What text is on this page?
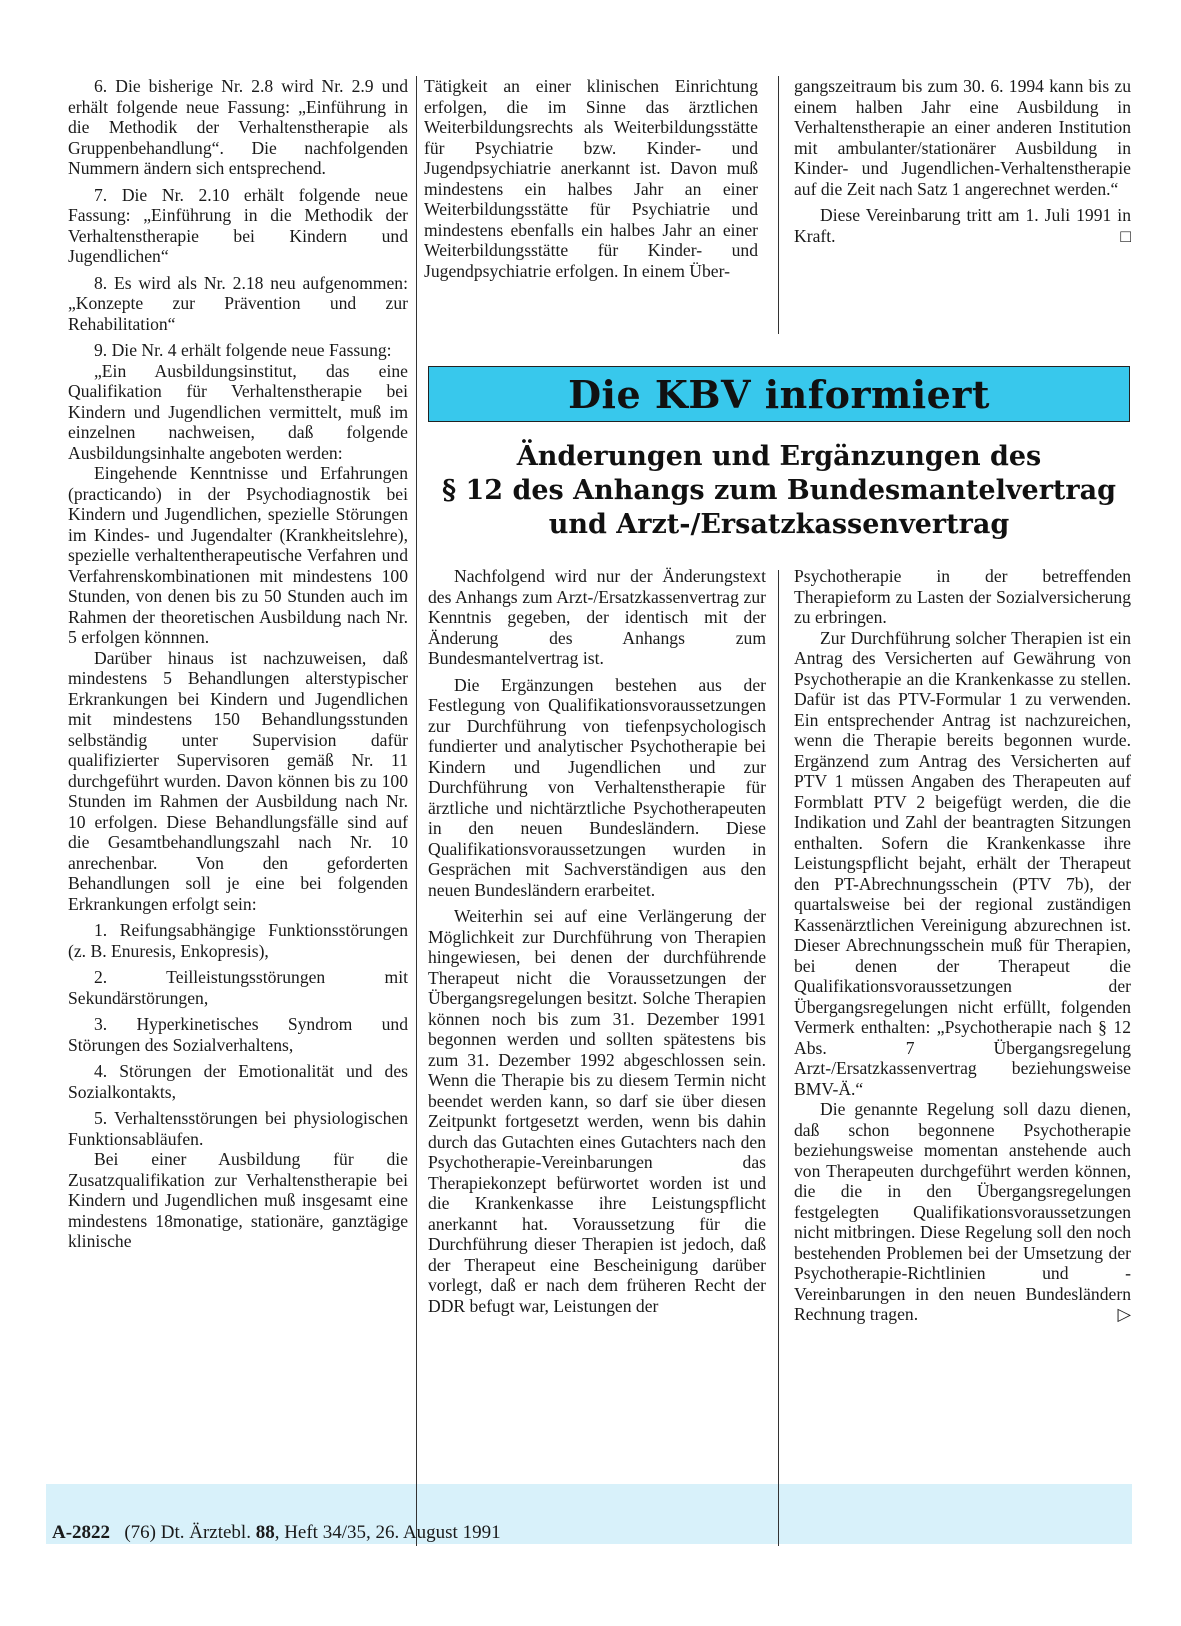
6. Die bisherige Nr. 2.8 wird Nr. 2.9 und erhält folgende neue Fassung: „Einführung in die Methodik der Verhaltenstherapie als Gruppenbehandlung“. Die nachfolgenden Nummern ändern sich entsprechend.

7. Die Nr. 2.10 erhält folgende neue Fassung: „Einführung in die Methodik der Verhaltenstherapie bei Kindern und Jugendlichen“

8. Es wird als Nr. 2.18 neu aufgenommen: „Konzepte zur Prävention und zur Rehabilitation“

9. Die Nr. 4 erhält folgende neue Fassung:

„Ein Ausbildungsinstitut, das eine Qualifikation für Verhaltenstherapie bei Kindern und Jugendlichen vermittelt, muß im einzelnen nachweisen, daß folgende Ausbildungsinhalte angeboten werden:

Eingehende Kenntnisse und Erfahrungen (practicando) in der Psychodiagnostik bei Kindern und Jugendlichen, spezielle Störungen im Kindes- und Jugendalter (Krankheitslehre), spezielle verhaltentherapeutische Verfahren und Verfahrenskombinationen mit mindestens 100 Stunden, von denen bis zu 50 Stunden auch im Rahmen der theoretischen Ausbildung nach Nr. 5 erfolgen könnnen.

Darüber hinaus ist nachzuweisen, daß mindestens 5 Behandlungen alterstypischer Erkrankungen bei Kindern und Jugendlichen mit mindestens 150 Behandlungsstunden selbständig unter Supervision dafür qualifizierter Supervisoren gemäß Nr. 11 durchgeführt wurden. Davon können bis zu 100 Stunden im Rahmen der Ausbildung nach Nr. 10 erfolgen. Diese Behandlungsfälle sind auf die Gesamtbehandlungszahl nach Nr. 10 anrechenbar. Von den geforderten Behandlungen soll je eine bei folgenden Erkrankungen erfolgt sein:

1. Reifungsabhängige Funktionsstörungen (z. B. Enuresis, Enkopresis),

2. Teilleistungsstörungen mit Sekundärstörungen,

3. Hyperkinetisches Syndrom und Störungen des Sozialverhaltens,

4. Störungen der Emotionalität und des Sozialkontakts,

5. Verhaltensstörungen bei physiologischen Funktionsabläufen.

Bei einer Ausbildung für die Zusatzqualifikation zur Verhaltenstherapie bei Kindern und Jugendlichen muß insgesamt eine mindestens 18monatige, stationäre, ganztägige klinische

Tätigkeit an einer klinischen Einrichtung erfolgen, die im Sinne das ärztlichen Weiterbildungsrechts als Weiterbildungsstätte für Psychiatrie bzw. Kinder- und Jugendpsychiatrie anerkannt ist. Davon muß mindestens ein halbes Jahr an einer Weiterbildungsstätte für Psychiatrie und mindestens ebenfalls ein halbes Jahr an einer Weiterbildungsstätte für Kinder- und Jugendpsychiatrie erfolgen. In einem Über-

gangszeitraum bis zum 30. 6. 1994 kann bis zu einem halben Jahr eine Ausbildung in Verhaltenstherapie an einer anderen Institution mit ambulanter/stationärer Ausbildung in Kinder- und Jugendlichen-Verhaltenstherapie auf die Zeit nach Satz 1 angerechnet werden.“

Diese Vereinbarung tritt am 1. Juli 1991 in Kraft.	□

Die KBV informiert
Änderungen und Ergänzungen des
§ 12 des Anhangs zum Bundesmantelvertrag
und Arzt-/Ersatzkassenvertrag

Nachfolgend wird nur der Änderungstext des Anhangs zum Arzt-/Ersatzkassenvertrag zur Kenntnis gegeben, der identisch mit der Änderung des Anhangs zum Bundesmantelvertrag ist.

Die Ergänzungen bestehen aus der Festlegung von Qualifikationsvoraussetzungen zur Durchführung von tiefenpsychologisch fundierter und analytischer Psychotherapie bei Kindern und Jugendlichen und zur Durchführung von Verhaltenstherapie für ärztliche und nichtärztliche Psychotherapeuten in den neuen Bundesländern. Diese Qualifikationsvoraussetzungen wurden in Gesprächen mit Sachverständigen aus den neuen Bundesländern erarbeitet.

Weiterhin sei auf eine Verlängerung der Möglichkeit zur Durchführung von Therapien hingewiesen, bei denen der durchführende Therapeut nicht die Voraussetzungen der Übergangsregelungen besitzt. Solche Therapien können noch bis zum 31. Dezember 1991 begonnen werden und sollten spätestens bis zum 31. Dezember 1992 abgeschlossen sein. Wenn die Therapie bis zu diesem Termin nicht beendet werden kann, so darf sie über diesen Zeitpunkt fortgesetzt werden, wenn bis dahin durch das Gutachten eines Gutachters nach den Psychotherapie-Vereinbarungen das Therapiekonzept befürwortet worden ist und die Krankenkasse ihre Leistungspflicht anerkannt hat. Voraussetzung für die Durchführung dieser Therapien ist jedoch, daß der Therapeut eine Bescheinigung darüber vorlegt, daß er nach dem früheren Recht der DDR befugt war, Leistungen der

Psychotherapie in der betreffenden Therapieform zu Lasten der Sozialversicherung zu erbringen.

Zur Durchführung solcher Therapien ist ein Antrag des Versicherten auf Gewährung von Psychotherapie an die Krankenkasse zu stellen. Dafür ist das PTV-Formular 1 zu verwenden. Ein entsprechender Antrag ist nachzureichen, wenn die Therapie bereits begonnen wurde. Ergänzend zum Antrag des Versicherten auf PTV 1 müssen Angaben des Therapeuten auf Formblatt PTV 2 beigefügt werden, die die Indikation und Zahl der beantragten Sitzungen enthalten. Sofern die Krankenkasse ihre Leistungspflicht bejaht, erhält der Therapeut den PT-Abrechnungsschein (PTV 7b), der quartalsweise bei der regional zuständigen Kassenärztlichen Vereinigung abzurechnen ist. Dieser Abrechnungsschein muß für Therapien, bei denen der Therapeut die Qualifikationsvoraussetzungen der Übergangsregelungen nicht erfüllt, folgenden Vermerk enthalten: „Psychotherapie nach § 12 Abs. 7 Übergangsregelung Arzt-/Ersatzkassenvertrag beziehungsweise BMV-Ä.“

Die genannte Regelung soll dazu dienen, daß schon begonnene Psychotherapie beziehungsweise momentan anstehende auch von Therapeuten durchgeführt werden können, die die in den Übergangsregelungen festgelegten Qualifikationsvoraussetzungen nicht mitbringen. Diese Regelung soll den noch bestehenden Problemen bei der Umsetzung der Psychotherapie-Richtlinien und -Vereinbarungen in den neuen Bundesländern Rechnung tragen.	▷

A-2822 (76) Dt. Ärztebl. 88, Heft 34/35, 26. August 1991
